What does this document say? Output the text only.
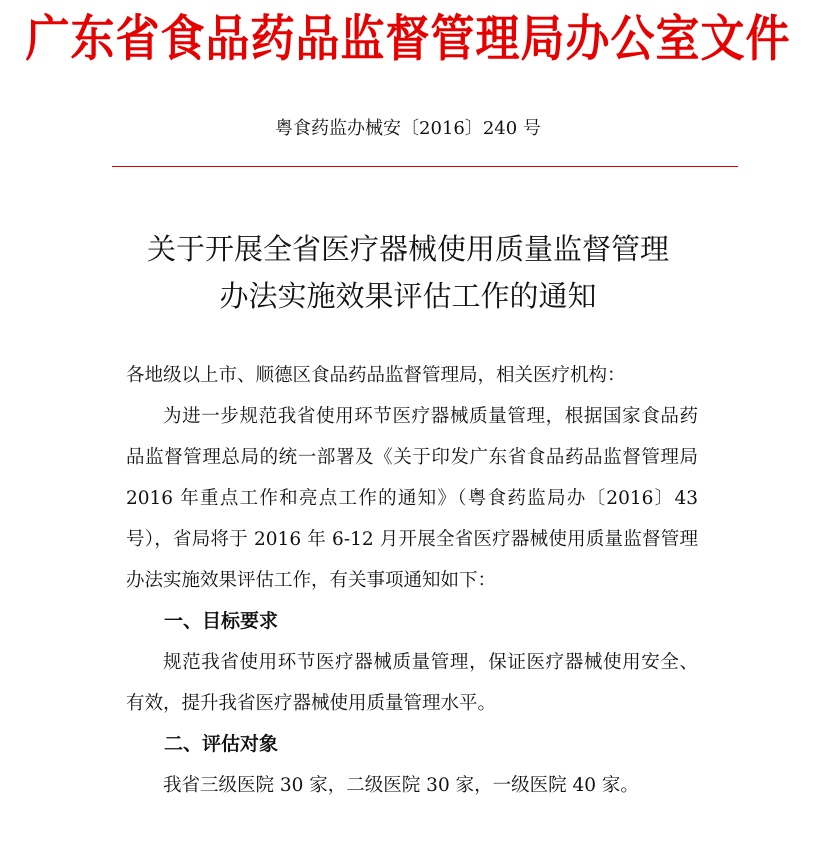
广东省食品药品监督管理局办公室文件
粤食药监办械安〔2016〕240 号
关于开展全省医疗器械使用质量监督管理
办法实施效果评估工作的通知

各地级以上市、顺德区食品药品监督管理局，相关医疗机构：

为进一步规范我省使用环节医疗器械质量管理，根据国家食品药品监督管理总局的统一部署及《关于印发广东省食品药品监督管理局 2016 年重点工作和亮点工作的通知》（粤食药监局办〔2016〕43 号），省局将于 2016 年 6-12 月开展全省医疗器械使用质量监督管理办法实施效果评估工作，有关事项通知如下：

一、目标要求

规范我省使用环节医疗器械质量管理，保证医疗器械使用安全、有效，提升我省医疗器械使用质量管理水平。

二、评估对象

我省三级医院 30 家，二级医院 30 家，一级医院 40 家。
